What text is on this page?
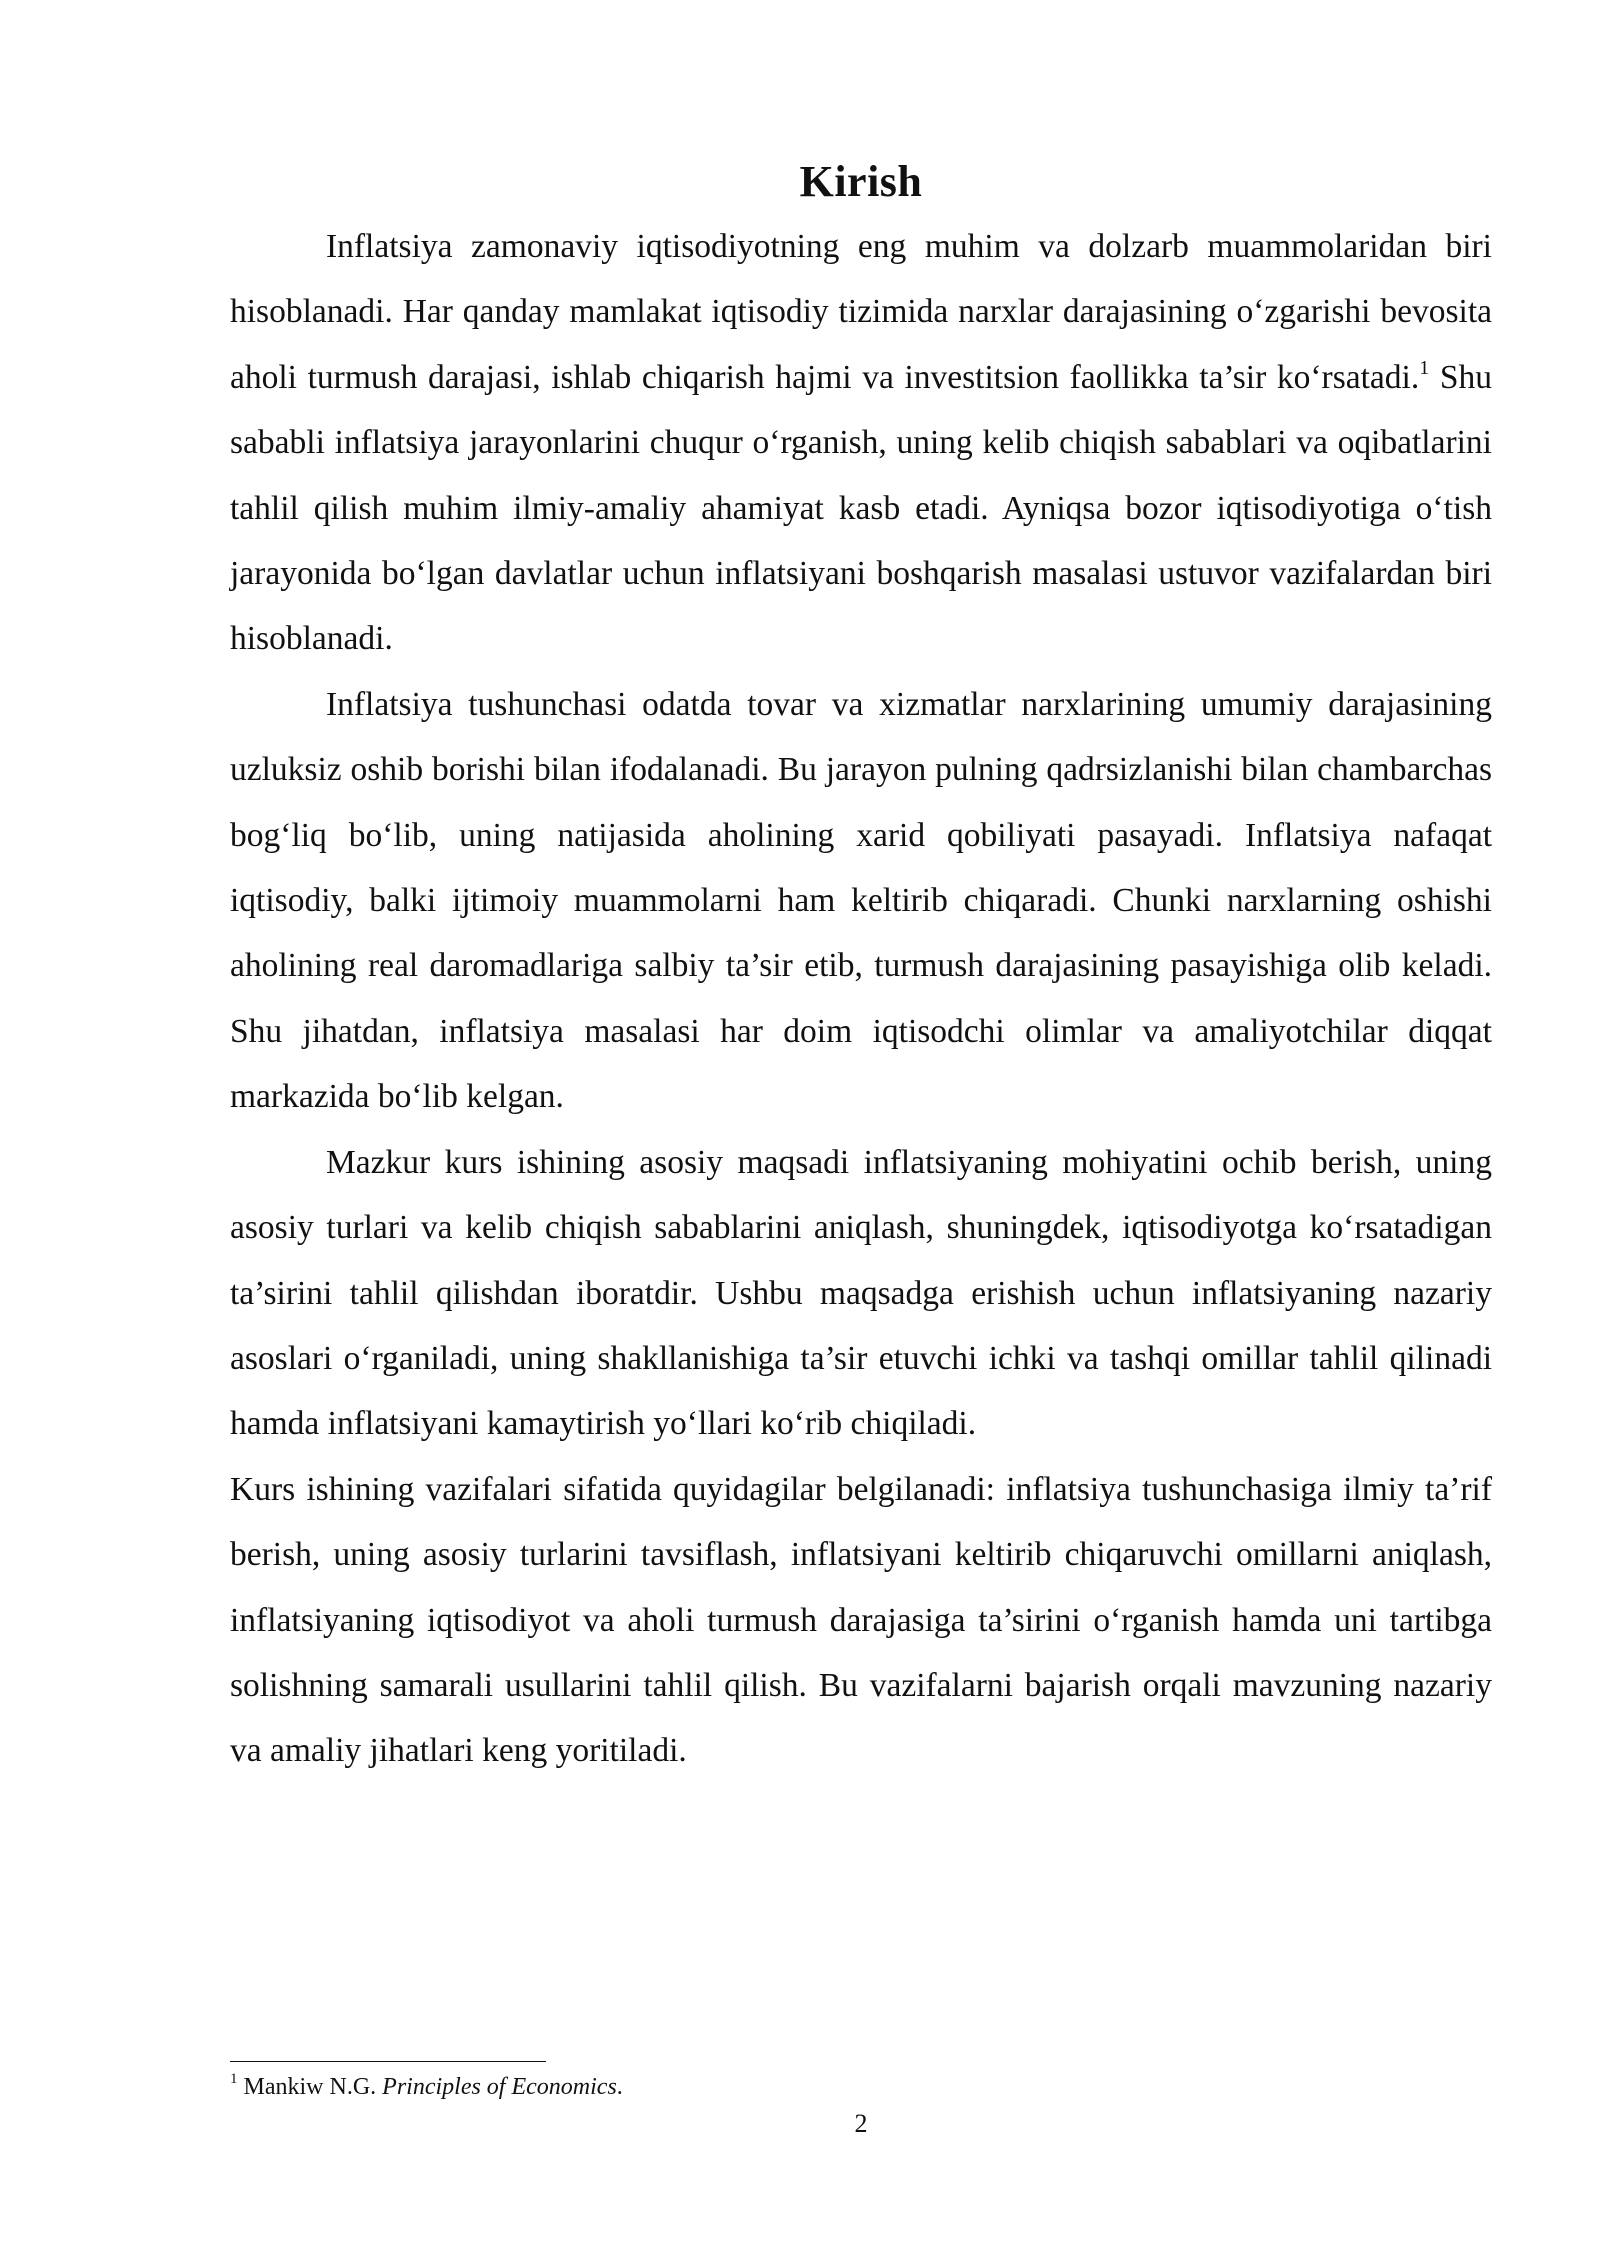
Kirish

Inflatsiya zamonaviy iqtisodiyotning eng muhim va dolzarb muammolaridan biri hisoblanadi. Har qanday mamlakat iqtisodiy tizimida narxlar darajasining o‘zgarishi bevosita aholi turmush darajasi, ishlab chiqarish hajmi va investitsion faollikka ta’sir ko‘rsatadi.$^1$ Shu sababli inflatsiya jarayonlarini chuqur o‘rganish, uning kelib chiqish sabablari va oqibatlarini tahlil qilish muhim ilmiy-amaliy ahamiyat kasb etadi. Ayniqsa bozor iqtisodiyotiga o‘tish jarayonida bo‘lgan davlatlar uchun inflatsiyani boshqarish masalasi ustuvor vazifalardan biri hisoblanadi.

Inflatsiya tushunchasi odatda tovar va xizmatlar narxlarining umumiy darajasining uzluksiz oshib borishi bilan ifodalanadi. Bu jarayon pulning qadrsizlanishi bilan chambarchas bog‘liq bo‘lib, uning natijasida aholining xarid qobiliyati pasayadi. Inflatsiya nafaqat iqtisodiy, balki ijtimoiy muammolarni ham keltirib chiqaradi. Chunki narxlarning oshishi aholining real daromadlariga salbiy ta’sir etib, turmush darajasining pasayishiga olib keladi. Shu jihatdan, inflatsiya masalasi har doim iqtisodchi olimlar va amaliyotchilar diqqat markazida bo‘lib kelgan.

Mazkur kurs ishining asosiy maqsadi inflatsiyaning mohiyatini ochib berish, uning asosiy turlari va kelib chiqish sabablarini aniqlash, shuningdek, iqtisodiyotga ko‘rsatadigan ta’sirini tahlil qilishdan iboratdir. Ushbu maqsadga erishish uchun inflatsiyaning nazariy asoslari o‘rganiladi, uning shakllanishiga ta’sir etuvchi ichki va tashqi omillar tahlil qilinadi hamda inflatsiyani kamaytirish yo‘llari ko‘rib chiqiladi.

Kurs ishining vazifalari sifatida quyidagilar belgilanadi: inflatsiya tushunchasiga ilmiy ta’rif berish, uning asosiy turlarini tavsiflash, inflatsiyani keltirib chiqaruvchi omillarni aniqlash, inflatsiyaning iqtisodiyot va aholi turmush darajasiga ta’sirini o‘rganish hamda uni tartibga solishning samarali usullarini tahlil qilish. Bu vazifalarni bajarish orqali mavzuning nazariy va amaliy jihatlari keng yoritiladi.

$^1$ Mankiw N.G. Principles of Economics.
2
